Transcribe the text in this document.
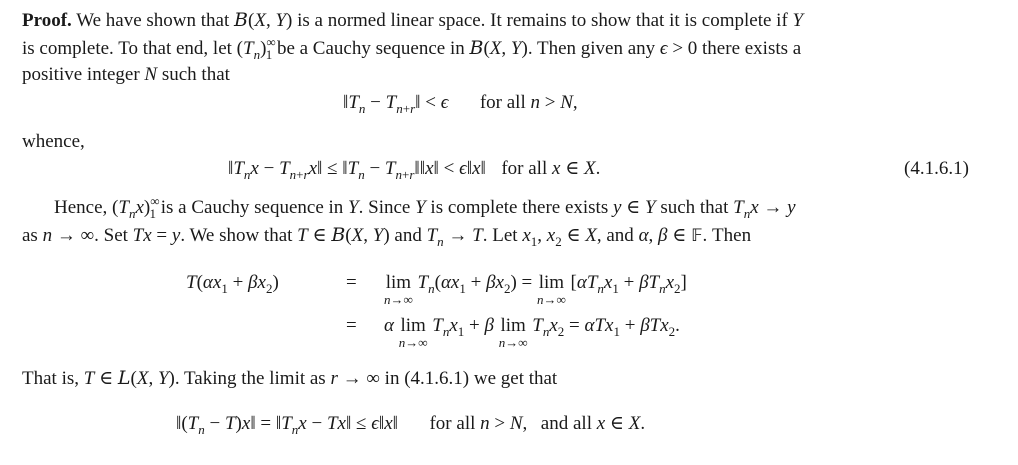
Proof. We have shown that B(X, Y) is a normed linear space. It remains to show that it is complete if Y
is complete. To that end, let $(T_n)^\infty_1$ be a Cauchy sequence in B(X, Y). Then given any ϵ > 0 there exists a
positive integer N such that
$‖T_n$ − $T_{n+r}‖ < \epsilon$ for all n > N,
whence,
$‖T_nx$ − $T_{n+r}x‖$ ≤ $‖T_n$ − $T_{n+r}‖‖x‖$ < ϵ‖x‖ for all x ∈ X.	(4.1.6.1)
Hence, $(T_nx)^\infty_1$ is a Cauchy sequence in Y. Since Y is complete there exists y ∈ Y such that $T_nx \to y$
as n → ∞. Set Tx = y. We show that T ∈ B(X, Y) and $T_n \to T$. Let $x_1$, $x_2$ ∈ X, and α, β ∈ 𝔽. Then
$T(\alpha x_1 + \beta x_2)$	= lim
n→∞
$T_n(\alpha x_1 + \beta x_2) = \lim$
n→∞
$[\alpha T_nx_1 + \beta T_nx_2]$
= α lim
n→∞
$T_nx_1 + \beta$ lim
n→∞
$T_nx_2 = \alpha Tx_1 + \beta Tx_2$.
That is, T ∈ L(X, Y). Taking the limit as r → ∞ in (4.1.6.1) we get that
$‖(T_n$ − T)x‖ = $‖T_nx$ − Tx‖ ≤ ϵ‖x‖ for all n > N, and all x ∈ X.
